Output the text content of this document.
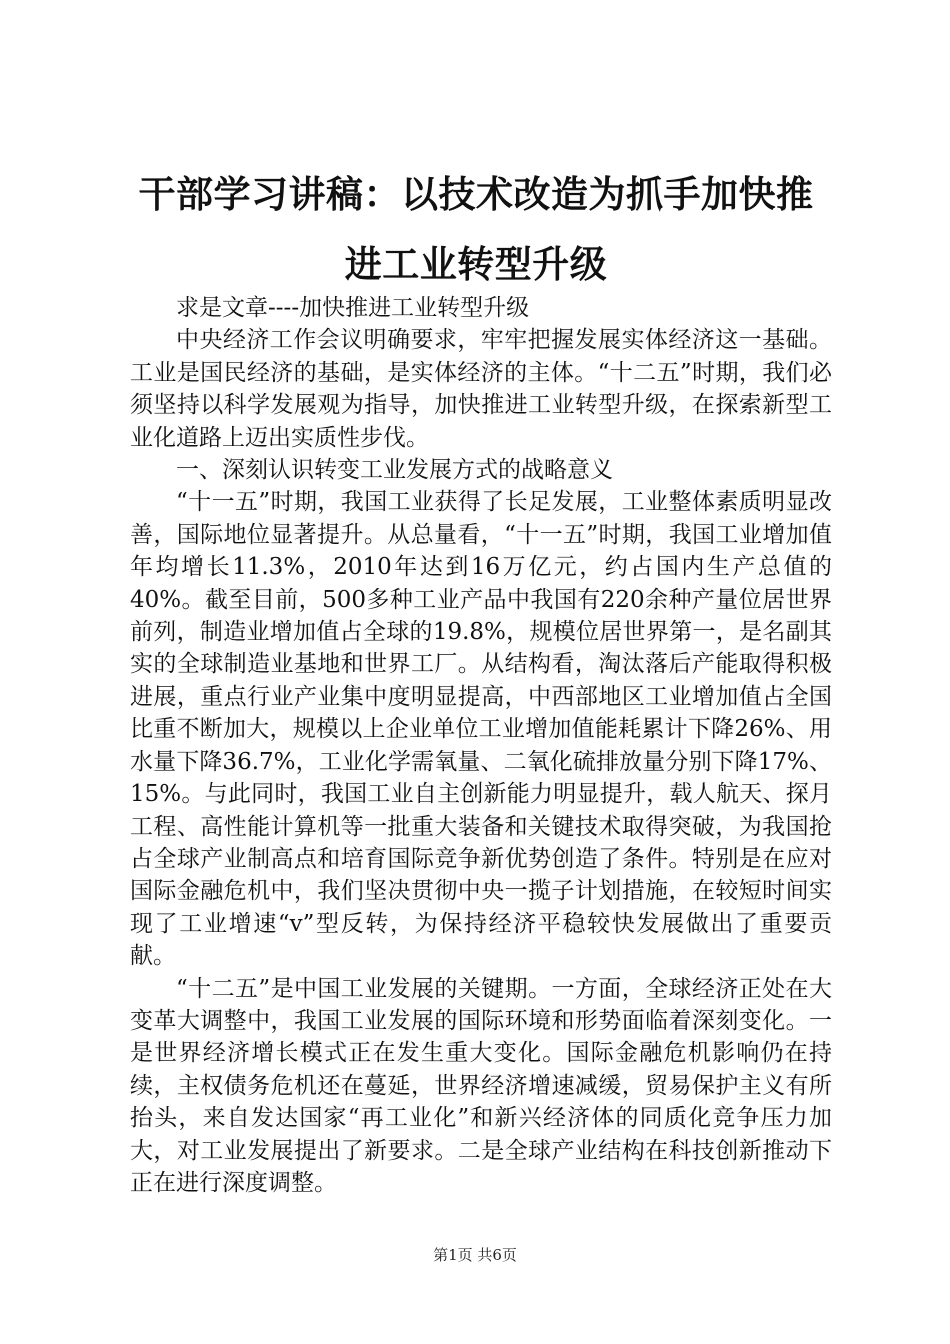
干部学习讲稿：以技术改造为抓手加快推进工业转型升级

求是文章----加快推进工业转型升级

中央经济工作会议明确要求，牢牢把握发展实体经济这一基础。工业是国民经济的基础，是实体经济的主体。“十二五”时期，我们必须坚持以科学发展观为指导，加快推进工业转型升级，在探索新型工业化道路上迈出实质性步伐。

一、深刻认识转变工业发展方式的战略意义

“十一五”时期，我国工业获得了长足发展，工业整体素质明显改善，国际地位显著提升。从总量看，“十一五”时期，我国工业增加值年均增长11.3%，2010年达到16万亿元，约占国内生产总值的40%。截至目前，500多种工业产品中我国有220余种产量位居世界前列，制造业增加值占全球的19.8%，规模位居世界第一，是名副其实的全球制造业基地和世界工厂。从结构看，淘汰落后产能取得积极进展，重点行业产业集中度明显提高，中西部地区工业增加值占全国比重不断加大，规模以上企业单位工业增加值能耗累计下降26%、用水量下降36.7%，工业化学需氧量、二氧化硫排放量分别下降17%、15%。与此同时，我国工业自主创新能力明显提升，载人航天、探月工程、高性能计算机等一批重大装备和关键技术取得突破，为我国抢占全球产业制高点和培育国际竞争新优势创造了条件。特别是在应对国际金融危机中，我们坚决贯彻中央一揽子计划措施，在较短时间实现了工业增速“v”型反转，为保持经济平稳较快发展做出了重要贡献。

“十二五”是中国工业发展的关键期。一方面，全球经济正处在大变革大调整中，我国工业发展的国际环境和形势面临着深刻变化。一是世界经济增长模式正在发生重大变化。国际金融危机影响仍在持续，主权债务危机还在蔓延，世界经济增速减缓，贸易保护主义有所抬头，来自发达国家“再工业化”和新兴经济体的同质化竞争压力加大，对工业发展提出了新要求。二是全球产业结构在科技创新推动下正在进行深度调整。

第1页 共6页
